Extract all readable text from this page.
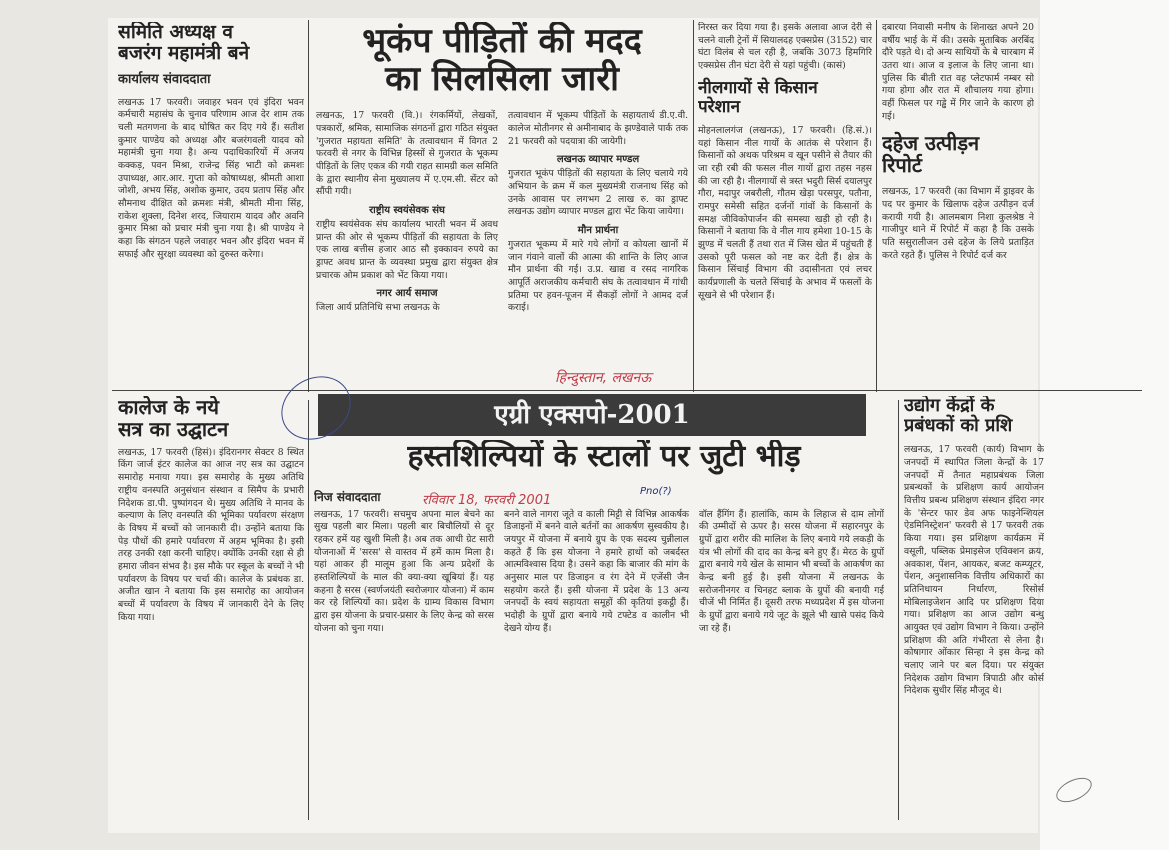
समिति अध्यक्ष व

बजरंग महामंत्री बने

कार्यालय संवाददाता

लखनऊ 17 फरवरी। जवाहर भवन एवं इंदिरा भवन कर्मचारी महासंघ के चुनाव परिणाम आज देर शाम तक चली मतगणना के बाद घोषित कर दिए गये हैं। सतीश कुमार पाण्डेय को अध्यक्ष और बजरंगवली यादव को महामंत्री चुना गया है। अन्य पदाधिकारियों में अजय कक्कड़, पवन मिश्रा, राजेन्द्र सिंह भाटी को क्रमशः उपाध्यक्ष, आर.आर. गुप्ता को कोषाध्यक्ष, श्रीमती आशा जोशी, अभय सिंह, अशोक कुमार, उदय प्रताप सिंह और सौमनाथ दीक्षित को क्रमशः मंत्री, श्रीमती मीना सिंह, राकेश शुक्ला, दिनेश शरद, जियाराम यादव और अवनि कुमार मिश्रा को प्रचार मंत्री चुना गया है। श्री पाण्डेय ने कहा कि संगठन पहले जवाहर भवन और इंदिरा भवन में सफाई और सुरक्षा व्यवस्था को दुरुस्त करेगा।

भूकंप पीड़ितों की मदद

का सिलसिला जारी

लखनऊ, 17 फरवरी (वि.)। रंगकर्मियों, लेखकों, पत्रकारों, श्रमिक, सामाजिक संगठनों द्वारा गठित संयुक्त 'गुजरात महायता समिति' के तत्वावधान में विगत 2 फरवरी से नगर के विभिन्न हिस्सों से गुजरात के भूकम्प पीड़ितों के लिए एकत्र की गयी राहत सामग्री कल समिति के द्वारा स्थानीय सेना मुख्यालय में ए.एम.सी. सेंटर को सौंपी गयी।

राष्ट्रीय स्वयंसेवक संघ

राष्ट्रीय स्वयंसेवक संघ कार्यालय भारती भवन में अवध प्रान्त की ओर से भूकम्प पीड़ितों की सहायता के लिए एक लाख बत्तीस हजार आठ सौ इक्कावन रुपये का ड्राफ्ट अवध प्रान्त के व्यवस्था प्रमुख द्वारा संयुक्त क्षेत्र प्रचारक ओम प्रकाश को भेंट किया गया।

नगर आर्य समाज

जिला आर्य प्रतिनिधि सभा लखनऊ के

तत्वावधान में भूकम्प पीड़ितों के सहायतार्थ डी.ए.वी. कालेज मोतीनगर से अमीनाबाद के झण्डेवाले पार्क तक 21 फरवरी को पदयात्रा की जायेगी।

लखनऊ व्यापार मण्डल

गुजरात भूकंप पीड़ितों की सहायता के लिए चलाये गये अभियान के क्रम में कल मुख्यमंत्री राजनाथ सिंह को उनके आवास पर लगभग 2 लाख रु. का ड्राफ्ट लखनऊ उद्योग व्यापार मण्डल द्वारा भेंट किया जायेगा।

मौन प्रार्थना

गुजरात भूकम्प में मारे गये लोगों व कोयला खानों में जान गंवाने वालों की आत्मा की शान्ति के लिए आज मौन प्रार्थना की गई। उ.प्र. खाद्य व रसद नागरिक आपूर्ति अराजकीय कर्मचारी संघ के तत्वावधान में गांधी प्रतिमा पर हवन-पूजन में सैकड़ों लोगों ने आमद दर्ज कराई।

हिन्दुस्तान, लखनऊ

निरस्त कर दिया गया है। इसके अलावा आज देरी से चलने वाली ट्रेनों में सियालदह एक्सप्रेस (3152) चार घंटा विलंब से चल रही है, जबकि 3073 हिमगिरि एक्सप्रेस तीन घंटा देरी से यहां पहुंची। (कासं)

नीलगायों से किसान

परेशान

मोहनलालगंज (लखनऊ), 17 फरवरी। (हि.सं.)। यहां किसान नील गायों के आतंक से परेशान हैं। किसानों को अथक परिश्रम व खून पसीने से तैयार की जा रही रबी की फसल नील गायों द्वारा तहस नहस की जा रही है। नीलगायों से त्रस्त भदुरी सिर्स दयालपुर गौरा, मदापुर जबरौली, गौतम खेड़ा परसपुर, पतौना, रामपुर समेसी सहित दर्जनों गांवों के किसानों के समक्ष जीविकोपार्जन की समस्या खड़ी हो रही है। किसानों ने बताया कि वे नील गाय हमेशा 10-15 के झुण्ड में चलती हैं तथा रात में जिस खेत में पहुंचती हैं उसको पूरी फसल को नष्ट कर देती हैं। क्षेत्र के किसान सिंचाई विभाग की उदासीनता एवं लचर कार्यप्रणाली के चलते सिंचाई के अभाव में फसलों के सूखने से भी परेशान हैं।

दबारया निवासी मनीष के शिनाख्त अपने 20 वर्षीय भाई के में की। उसके मुताबिक अरबिंद दौरे पड़ते थे। दो अन्य साथियों के बे चारबाग में उतरा था। आज व इलाज के लिए जाना था। पुलिस कि बीती रात वह प्लेटफार्म नम्बर सो गया होगा और रात में शौचालय गया होगा। वहीं फिसल पर गड्ढे में गिर जाने के कारण हो गई।

दहेज उत्पीड़न

रिपोर्ट

लखनऊ, 17 फरवरी (का विभाग में ड्राइवर के पद पर कुमार के खिलाफ दहेज उत्पीड़न दर्ज करायी गयी है। आलमबाग निशा कुलश्रेष्ठ ने गाजीपुर थाने में रिपोर्ट में कहा है कि उसके पति ससुरालीजन उसे दहेज के लिये प्रताड़ित करते रहते हैं। पुलिस ने रिपोर्ट दर्ज कर

कालेज के नये

सत्र का उद्घाटन

लखनऊ, 17 फरवरी (हिसं)। इंदिरानगर सेक्टर 8 स्थित किंग जार्ज इंटर कालेज का आज नए सत्र का उद्घाटन समारोह मनाया गया। इस समारोह के मुख्य अतिथि राष्ट्रीय वनस्पति अनुसंधान संस्थान व सिमैप के प्रभारी निदेशक डा.पी. पुष्पांगदन थे। मुख्य अतिथि ने मानव के कल्याण के लिए वनस्पति की भूमिका पर्यावरण संरक्षण के विषय में बच्चों को जानकारी दी। उन्होंने बताया कि पेड़ पौधों की हमारे पर्यावरण में अहम भूमिका है। इसी तरह उनकी रक्षा करनी चाहिए। क्योंकि उनकी रक्षा से ही हमारा जीवन संभव है। इस मौके पर स्कूल के बच्चों ने भी पर्यावरण के विषय पर चर्चा की। कालेज के प्रबंधक डा. अजीत खान ने बताया कि इस समारोह का आयोजन बच्चों में पर्यावरण के विषय में जानकारी देने के लिए किया गया।

एग्री एक्सपो-2001

हस्तशिल्पियों के स्टालों पर जुटी भीड़

निज संवाददाता

लखनऊ, 17 फरवरी। सचमुच अपना माल बेचने का सुख पहली बार मिला। पहली बार बिचौलियों से दूर रहकर हमें यह खुशी मिली है। अब तक आधी ग्रेट सारी योजनाओं में 'सरस' से वास्तव में हमें काम मिला है। यहां आकर ही मालूम हुआ कि अन्य प्रदेशों के हस्तशिल्पियों के माल की क्या-क्या खूबियां हैं। यह कहना है सरस (स्वर्णजयंती स्वरोजगार योजना) में काम कर रहे शिल्पियों का। प्रदेश के ग्राम्य विकास विभाग द्वारा इस योजना के प्रचार-प्रसार के लिए केन्द्र को सरस योजना को चुना गया।

बनने वाले नागरा जूते व काली मिट्टी से विभिन्न आकर्षक डिजाइनों में बनने वाले बर्तनों का आकर्षण सुस्वकीय है। जयपुर में योजना में बनाये ग्रुप के एक सदस्य चुन्नीलाल कहते हैं कि इस योजना ने हमारे हाथों को जबर्दस्त आत्मविश्वास दिया है। उसने कहा कि बाजार की मांग के अनुसार माल पर डिजाइन व रंग देने में एजेंसी जैन सहयोग करते हैं। इसी योजना में प्रदेश के 13 अन्य जनपदों के स्वयं सहायता समूहों की कृतियां इकट्ठी हैं। भदोही के ग्रुपों द्वारा बनाये गये टफ्टेड व कालीन भी देखने योग्य हैं।

वॉल हैंगिंग हैं। हालांकि, काम के लिहाज से दाम लोगों की उम्मीदों से ऊपर है। सरस योजना में सहारनपुर के ग्रुपों द्वारा शरीर की मालिश के लिए बनाये गये लकड़ी के यंत्र भी लोगों की दाद का केन्द्र बने हुए हैं। मेरठ के ग्रुपों द्वारा बनाये गये खेल के सामान भी बच्चों के आकर्षण का केन्द्र बनी हुई है। इसी योजना में लखनऊ के सरोजनीनगर व चिनहट ब्लाक के ग्रुपों की बनायी गई चीजें भी निर्मित हैं। दूसरी तरफ मध्यप्रदेश में इस योजना के ग्रुपों द्वारा बनाये गये जूट के झूले भी खासे पसंद किये जा रहे हैं।

रविवार 18, फरवरी 2001
Pno(?)

उद्योग केंद्रों के

प्रबंधकों को प्रशि

लखनऊ, 17 फरवरी (कार्य) विभाग के जनपदों में स्थापित जिला केन्द्रों के 17 जनपदों में तैनात महाप्रबंधक जिला प्रबन्धकों के प्रशिक्षण कार्य आयोजन वित्तीय प्रबन्ध प्रशिक्षण संस्थान इंदिरा नगर के 'सेन्टर फार डेव अफ फाइनेन्शियल ऐडमिनिस्ट्रेशन' फरवरी से 17 फरवरी तक किया गया। इस प्रशिक्षण कार्यक्रम में वसूली, पब्लिक प्रेमाइसेज एविक्शन क्रय, अवकाश, पेंशन, आयकर, बजट कम्प्यूटर, पेंशन, अनुशासनिक वित्तीय अधिकारों का प्रतिनिधायन निर्धारण, रिसोर्स मोबिलाइजेशन आदि पर प्रशिक्षण दिया गया। प्रशिक्षण का आज उद्योग बन्धु आयुक्त एवं उद्योग विभाग ने किया। उन्होंने प्रशिक्षण की अति गंभीरता से लेना है। कोषागार ओंकार सिन्हा ने इस केन्द्र को चलाए जाने पर बल दिया। पर संयुक्त निदेशक उद्योग विभाग त्रिपाठी और कोर्स निदेशक सुधीर सिंह मौजूद थे।
